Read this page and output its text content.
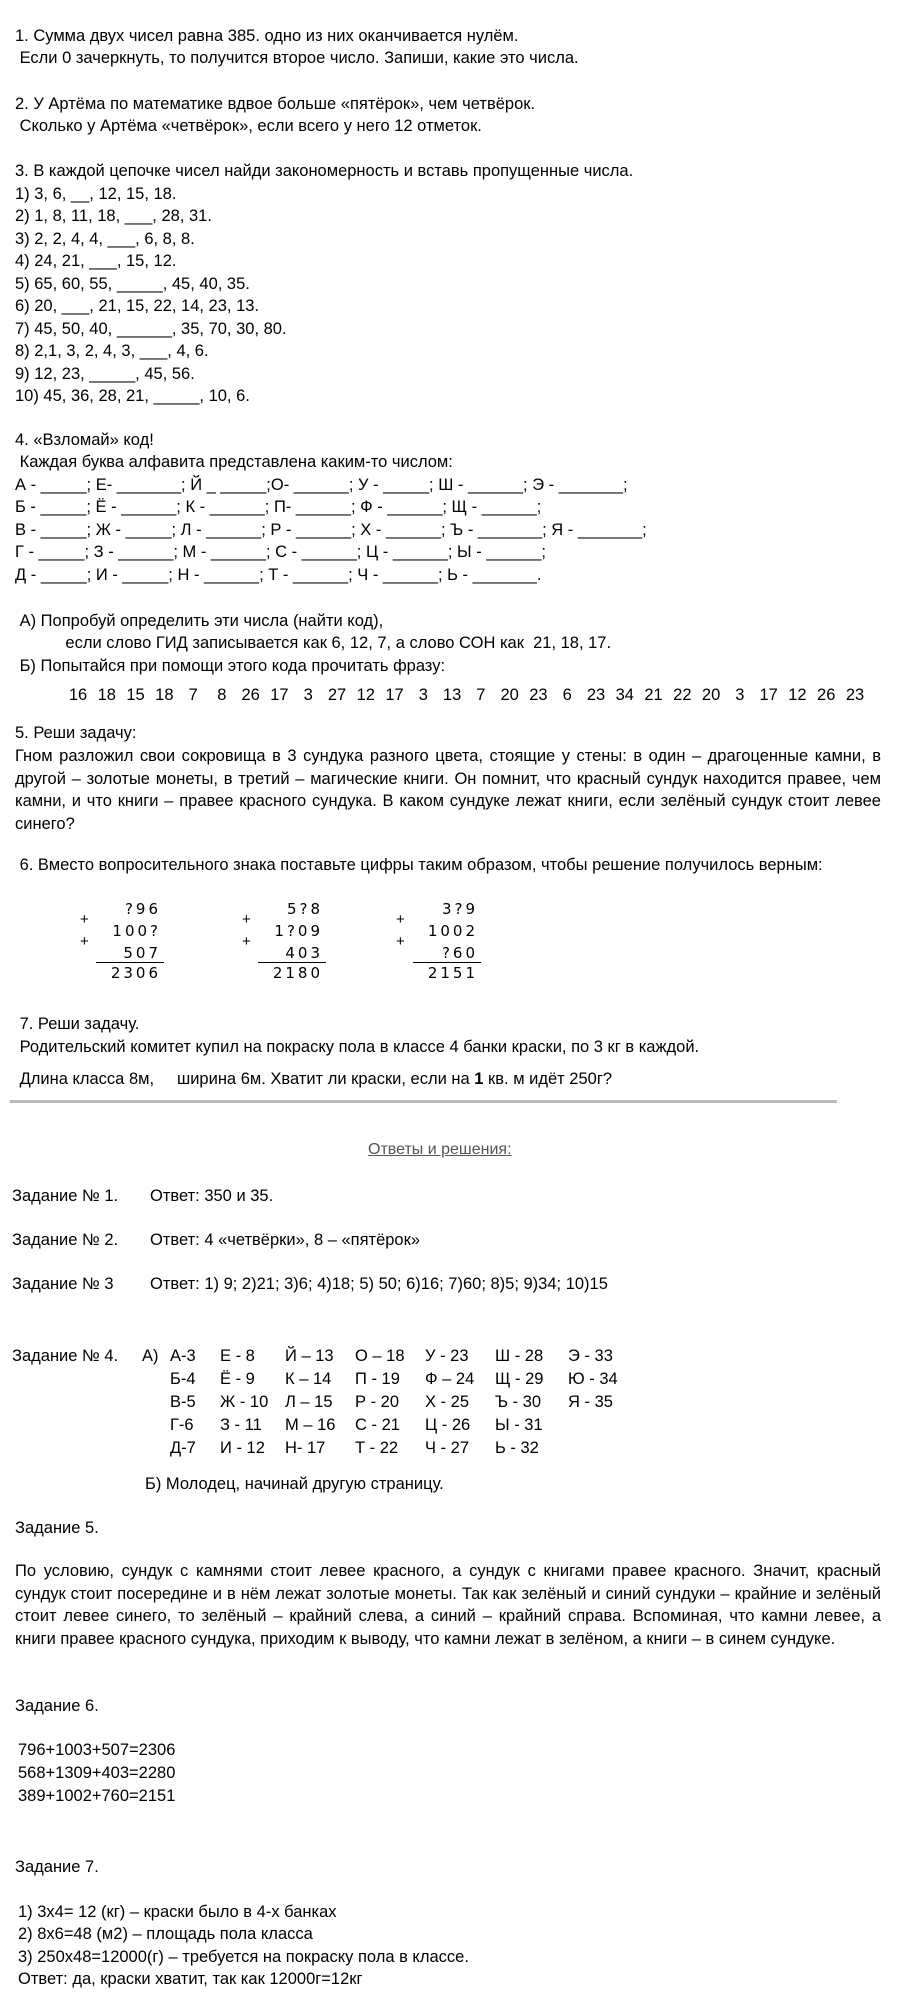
1. Сумма двух чисел равна 385. одно из них оканчивается нулём.
Если 0 зачеркнуть, то получится второе число. Запиши, какие это числа.
2. У Артёма по математике вдвое больше «пятёрок», чем четвёрок.
Сколько у Артёма «четвёрок», если всего у него 12 отметок.
3. В каждой цепочке чисел найди закономерность и вставь пропущенные числа.
1) 3, 6, __, 12, 15, 18.
2) 1, 8, 11, 18, ___, 28, 31.
3) 2, 2, 4, 4, ___, 6, 8, 8.
4) 24, 21, ___, 15, 12.
5) 65, 60, 55, _____, 45, 40, 35.
6) 20, ___, 21, 15, 22, 14, 23, 13.
7) 45, 50, 40, ______, 35, 70, 30, 80.
8) 2,1, 3, 2, 4, 3, ___, 4, 6.
9) 12, 23, _____, 45, 56.
10) 45, 36, 28, 21, _____, 10, 6.
4. «Взломай» код!
Каждая буква алфавита представлена каким-то числом:
А - _____; Е- _______; Й _ _____;О- ______; У - _____; Ш - ______; Э - _______;
Б - _____; Ё - ______; К - ______; П- ______; Ф - ______; Щ - ______;
В - _____; Ж - _____; Л - ______; Р - ______; Х - ______; Ъ - _______; Я - _______;
Г - _____; З - ______; М - ______; С - ______; Ц - ______; Ы - ______;
Д - _____; И - _____; Н - ______; Т - ______; Ч - ______; Ь - _______.
А) Попробуй определить эти числа (найти код),
если слово ГИД записывается как 6, 12, 7, а слово СОН как  21, 18, 17.
Б) Попытайся при помощи этого кода прочитать фразу:
16 18 15 18 7 8 26 17 3 27 12 17 3 13 7 20 23 6 23 34 21 22 20 3 17 12 26 23
5. Реши задачу:
Гном разложил свои сокровища в 3 сундука разного цвета, стоящие у стены: в один – драгоценные камни, в другой – золотые монеты, в третий – магические книги. Он помнит, что красный сундук находится правее, чем камни, и что книги – правее красного сундука. В каком сундуке лежат книги, если зелёный сундук стоит левее синего?
6. Вместо вопросительного знака поставьте цифры таким образом, чтобы решение получилось верным:
+
+
?96
100?
507
2306
+
+
5?8
1?09
403
2180
+
+
3?9
1002
?60
2151
7. Реши задачу.
Родительский комитет купил на покраску пола в классе 4 банки краски, по 3 кг в каждой.
Длина класса 8м,     ширина 6м. Хватит ли краски, если на 1 кв. м идёт 250г?
Ответы и решения:
Задание № 1. Ответ: 350 и 35.
Задание № 2. Ответ: 4 «четвёрки», 8 – «пятёрок»
Задание № 3 Ответ: 1) 9; 2)21; 3)6; 4)18; 5) 50; 6)16; 7)60; 8)5; 9)34; 10)15
Задание № 4. А) А-3
Б-4
В-5
Г-6
Д-7
Е - 8
Ё - 9
Ж - 10
З - 11
И - 12
Й – 13
К – 14
Л – 15
М – 16
Н- 17
О – 18
П - 19
Р - 20
С - 21
Т - 22
У - 23
Ф – 24
Х - 25
Ц - 26
Ч - 27
Ш - 28
Щ - 29
Ъ - 30
Ы - 31
Ь - 32
Э - 33
Ю - 34
Я - 35
Б) Молодец, начинай другую страницу.
Задание 5.
По условию, сундук с камнями стоит левее красного, а сундук с книгами правее красного. Значит, красный сундук стоит посередине и в нём лежат золотые монеты. Так как зелёный и синий сундуки – крайние и зелёный стоит левее синего, то зелёный – крайний слева, а синий – крайний справа. Вспоминая, что камни левее, а книги правее красного сундука, приходим к выводу, что камни лежат в зелёном, а книги – в синем сундуке.
Задание 6.
796+1003+507=2306
568+1309+403=2280
389+1002+760=2151
Задание 7.
1) 3х4= 12 (кг) – краски было в 4-х банках
2) 8х6=48 (м2) – площадь пола класса
3) 250х48=12000(г) – требуется на покраску пола в классе.
Ответ: да, краски хватит, так как 12000г=12кг
